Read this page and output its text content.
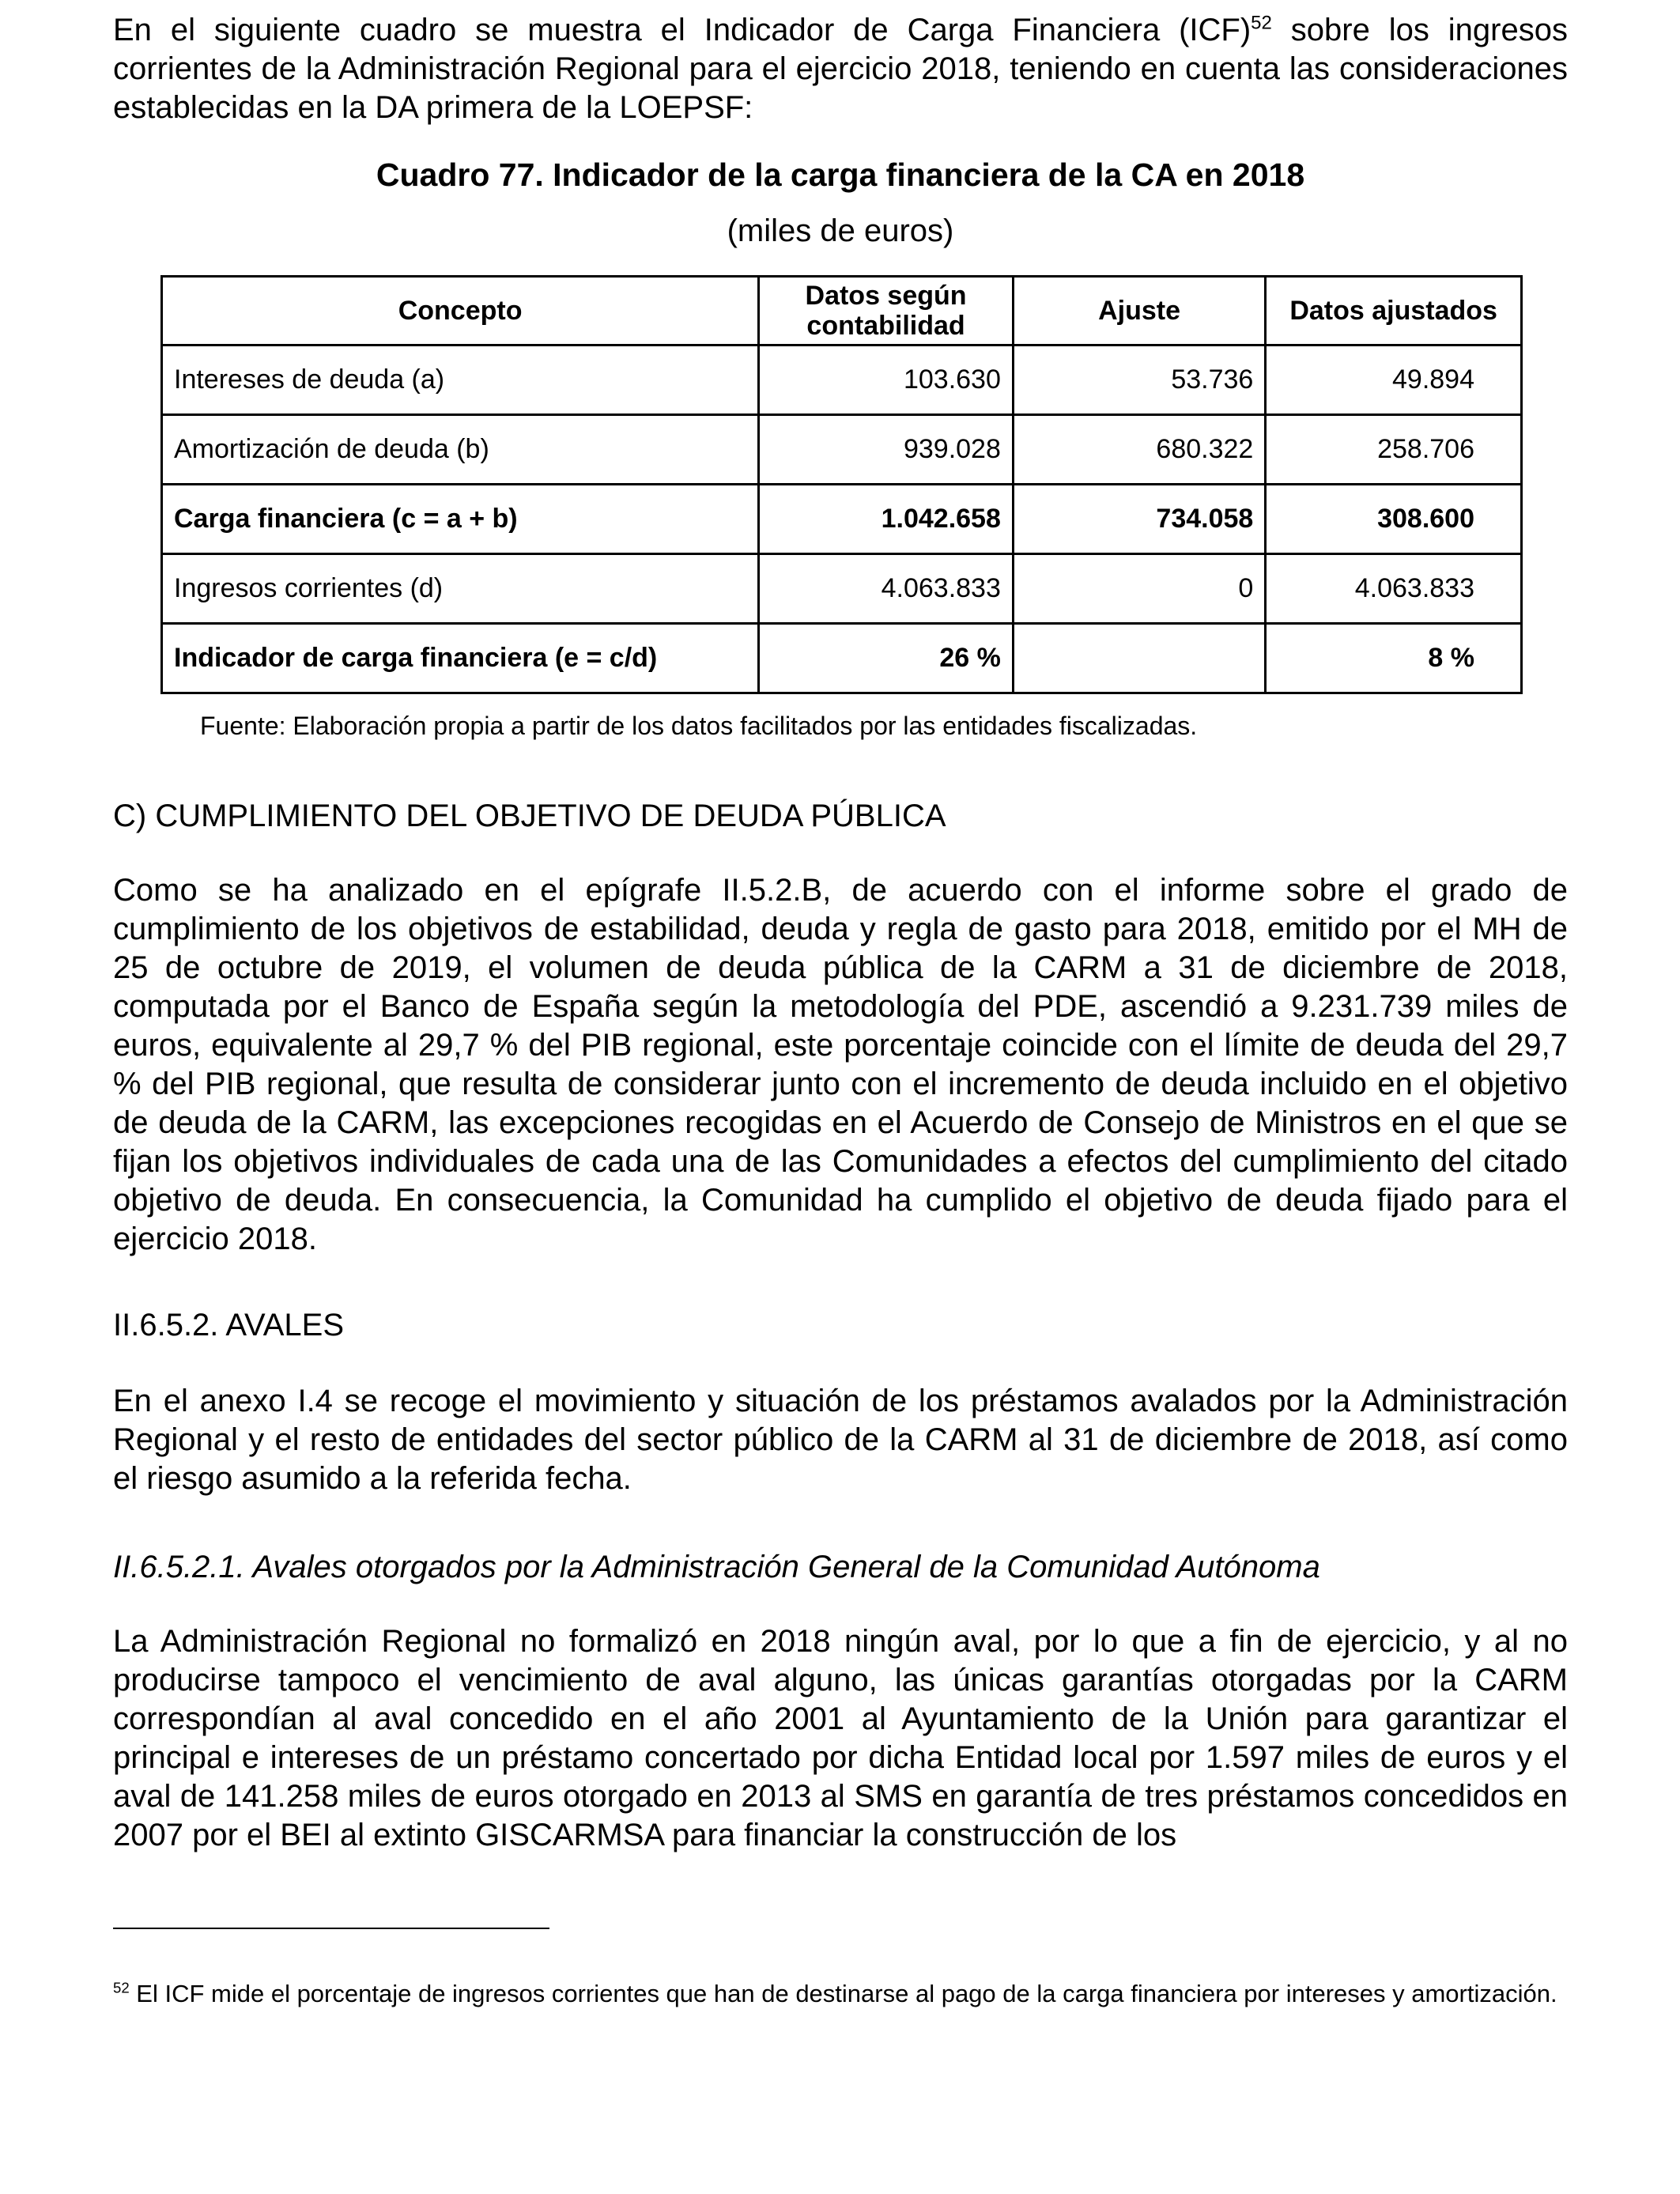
En el siguiente cuadro se muestra el Indicador de Carga Financiera (ICF)$^{52}$ sobre los ingresos corrientes de la Administración Regional para el ejercicio 2018, teniendo en cuenta las consideraciones establecidas en la DA primera de la LOEPSF:

Cuadro 77. Indicador de la carga financiera de la CA en 2018
(miles de euros)
Concepto	Datos según contabilidad	Ajuste	Datos ajustados
Intereses de deuda (a)	103.630	53.736	49.894
Amortización de deuda (b)	939.028	680.322	258.706
Carga financiera (c = a + b)	1.042.658	734.058	308.600
Ingresos corrientes (d)	4.063.833	0	4.063.833
Indicador de carga financiera (e = c/d)	26 %		8 %
Fuente: Elaboración propia a partir de los datos facilitados por las entidades fiscalizadas.
C) CUMPLIMIENTO DEL OBJETIVO DE DEUDA PÚBLICA

Como se ha analizado en el epígrafe II.5.2.B, de acuerdo con el informe sobre el grado de cumplimiento de los objetivos de estabilidad, deuda y regla de gasto para 2018, emitido por el MH de 25 de octubre de 2019, el volumen de deuda pública de la CARM a 31 de diciembre de 2018, computada por el Banco de España según la metodología del PDE, ascendió a 9.231.739 miles de euros, equivalente al 29,7 % del PIB regional, este porcentaje coincide con el límite de deuda del 29,7 % del PIB regional, que resulta de considerar junto con el incremento de deuda incluido en el objetivo de deuda de la CARM, las excepciones recogidas en el Acuerdo de Consejo de Ministros en el que se fijan los objetivos individuales de cada una de las Comunidades a efectos del cumplimiento del citado objetivo de deuda. En consecuencia, la Comunidad ha cumplido el objetivo de deuda fijado para el ejercicio 2018.

II.6.5.2. AVALES

En el anexo I.4 se recoge el movimiento y situación de los préstamos avalados por la Administración Regional y el resto de entidades del sector público de la CARM al 31 de diciembre de 2018, así como el riesgo asumido a la referida fecha.

II.6.5.2.1. Avales otorgados por la Administración General de la Comunidad Autónoma

La Administración Regional no formalizó en 2018 ningún aval, por lo que a fin de ejercicio, y al no producirse tampoco el vencimiento de aval alguno, las únicas garantías otorgadas por la CARM correspondían al aval concedido en el año 2001 al Ayuntamiento de la Unión para garantizar el principal e intereses de un préstamo concertado por dicha Entidad local por 1.597 miles de euros y el aval de 141.258 miles de euros otorgado en 2013 al SMS en garantía de tres préstamos concedidos en 2007 por el BEI al extinto GISCARMSA para financiar la construcción de los

$^{52}$ El ICF mide el porcentaje de ingresos corrientes que han de destinarse al pago de la carga financiera por intereses y amortización.
